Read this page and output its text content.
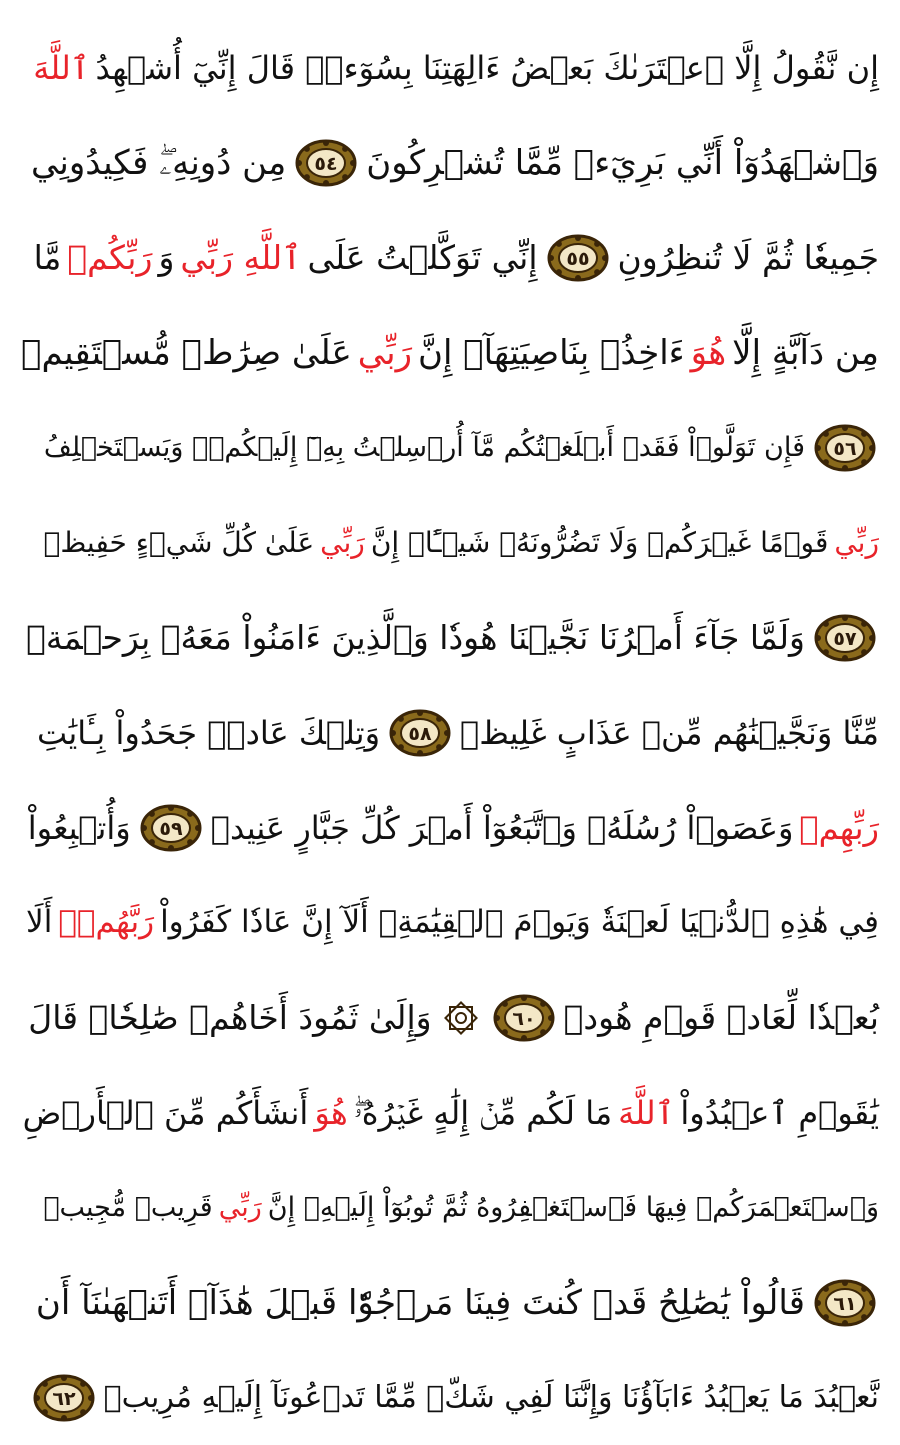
إِن نَّقُولُ إِلَّا ٱعۡتَرَىٰكَ بَعۡضُ ءَالِهَتِنَا بِسُوٓءٖۗ قَالَ إِنِّيٓ أُشۡهِدُ
ٱللَّهَ
وَٱشۡهَدُوٓاْ أَنِّي بَرِيٓءٞ مِّمَّا تُشۡرِكُونَ
٥٤
مِن دُونِهِۦۖ فَكِيدُونِي
جَمِيعٗا ثُمَّ لَا تُنظِرُونِ
٥٥
إِنِّي تَوَكَّلۡتُ عَلَى
ٱللَّهِ رَبِّي
وَ
رَبِّكُمۚ
مَّا
مِن دَآبَّةٍ إِلَّا
هُوَ
ءَاخِذُۢ بِنَاصِيَتِهَآۚ إِنَّ
رَبِّي
عَلَىٰ صِرَٰطٖ مُّسۡتَقِيمٖ
٥٦
فَإِن تَوَلَّوۡاْ فَقَدۡ أَبۡلَغۡتُكُم مَّآ أُرۡسِلۡتُ بِهِۦٓ إِلَيۡكُمۡۚ وَيَسۡتَخۡلِفُ
رَبِّي
قَوۡمًا غَيۡرَكُمۡ وَلَا تَضُرُّونَهُۥ شَيۡـًٔاۚ إِنَّ
رَبِّي
عَلَىٰ كُلِّ شَيۡءٍ حَفِيظٞ
٥٧
وَلَمَّا جَآءَ أَمۡرُنَا نَجَّيۡنَا هُودٗا وَٱلَّذِينَ ءَامَنُواْ مَعَهُۥ بِرَحۡمَةٖ
مِّنَّا وَنَجَّيۡنَٰهُم مِّنۡ عَذَابٍ غَلِيظٖ
٥٨
وَتِلۡكَ عَادٞۖ جَحَدُواْ بِـَٔايَٰتِ
رَبِّهِمۡ
وَعَصَوۡاْ رُسُلَهُۥ وَٱتَّبَعُوٓاْ أَمۡرَ كُلِّ جَبَّارٍ عَنِيدٖ
٥٩
وَأُتۡبِعُواْ
فِي هَٰذِهِ ٱلدُّنۡيَا لَعۡنَةٗ وَيَوۡمَ ٱلۡقِيَٰمَةِۗ أَلَآ إِنَّ عَادٗا كَفَرُواْ
رَبَّهُمۡۗ
أَلَا
بُعۡدٗا لِّعَادٖ قَوۡمِ هُودٖ
٦٠
وَإِلَىٰ ثَمُودَ أَخَاهُمۡ صَٰلِحٗاۚ قَالَ
يَٰقَوۡمِ ٱعۡبُدُواْ
ٱللَّهَ
مَا لَكُم مِّنۡ إِلَٰهٍ غَيۡرُهُۥۖ
هُوَ
أَنشَأَكُم مِّنَ ٱلۡأَرۡضِ
وَٱسۡتَعۡمَرَكُمۡ فِيهَا فَٱسۡتَغۡفِرُوهُ ثُمَّ تُوبُوٓاْ إِلَيۡهِۚ إِنَّ
رَبِّي
قَرِيبٞ مُّجِيبٞ
٦١
قَالُواْ يَٰصَٰلِحُ قَدۡ كُنتَ فِينَا مَرۡجُوّٗا قَبۡلَ هَٰذَآۖ أَتَنۡهَىٰنَآ أَن
نَّعۡبُدَ مَا يَعۡبُدُ ءَابَآؤُنَا وَإِنَّنَا لَفِي شَكّٖ مِّمَّا تَدۡعُونَآ إِلَيۡهِ مُرِيبٖ
٦٢
